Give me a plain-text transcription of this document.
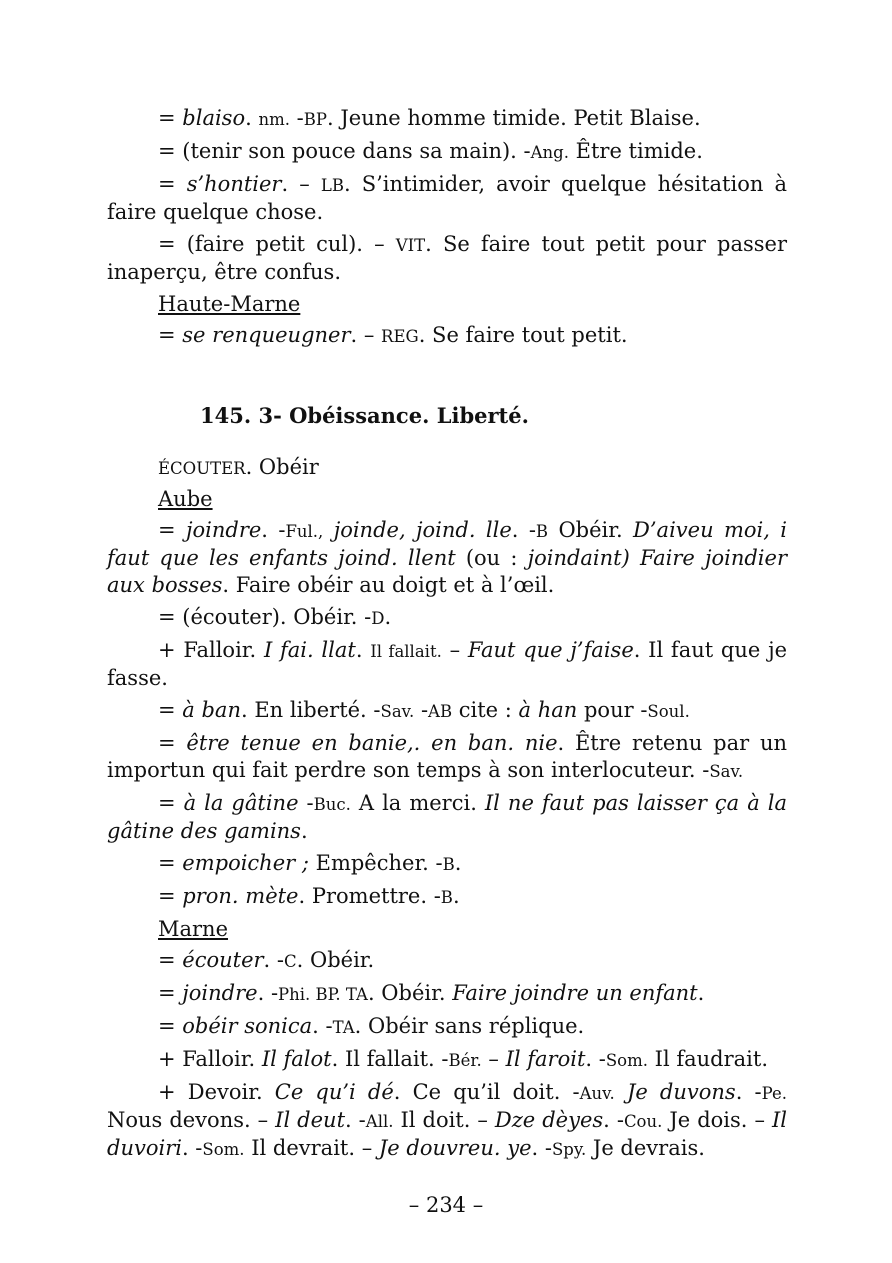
= blaiso. nm. -BP. Jeune homme timide. Petit Blaise.

= (tenir son pouce dans sa main). -Ang. Être timide.

= s’hontier. – LB. S’intimider, avoir quelque hésitation à faire quelque chose.

= (faire petit cul). – VIT. Se faire tout petit pour passer inaperçu, être confus.

Haute-Marne

= se renqueugner. – REG. Se faire tout petit.

145. 3- Obéissance. Liberté.

ÉCOUTER. Obéir

Aube

= joindre. -Ful., joinde, joind. lle. -B Obéir. D’aiveu moi, i faut que les enfants joind. llent (ou : joindaint) Faire joindier aux bosses. Faire obéir au doigt et à l’œil.

= (écouter). Obéir. -D.

+ Falloir. I fai. llat. Il fallait. – Faut que j’faise. Il faut que je fasse.

= à ban. En liberté. -Sav. -AB cite : à han pour -Soul.

= être tenue en banie,. en ban. nie. Être retenu par un importun qui fait perdre son temps à son interlocuteur. -Sav.

= à la gâtine -Buc. A la merci. Il ne faut pas laisser ça à la gâtine des gamins.

= empoicher ; Empêcher. -B.

= pron. mète. Promettre. -B.

Marne

= écouter. -C. Obéir.

= joindre. -Phi. BP. TA. Obéir. Faire joindre un enfant.

= obéir sonica. -TA. Obéir sans réplique.

+ Falloir. Il falot. Il fallait. -Bér. – Il faroit. -Som. Il faudrait.

+ Devoir. Ce qu’i dé. Ce qu’il doit. -Auv. Je duvons. -Pe. Nous devons. – Il deut. -All. Il doit. – Dze dèyes. -Cou. Je dois. – Il duvoiri. -Som. Il devrait. – Je douvreu. ye. -Spy. Je devrais.

– 234 –
